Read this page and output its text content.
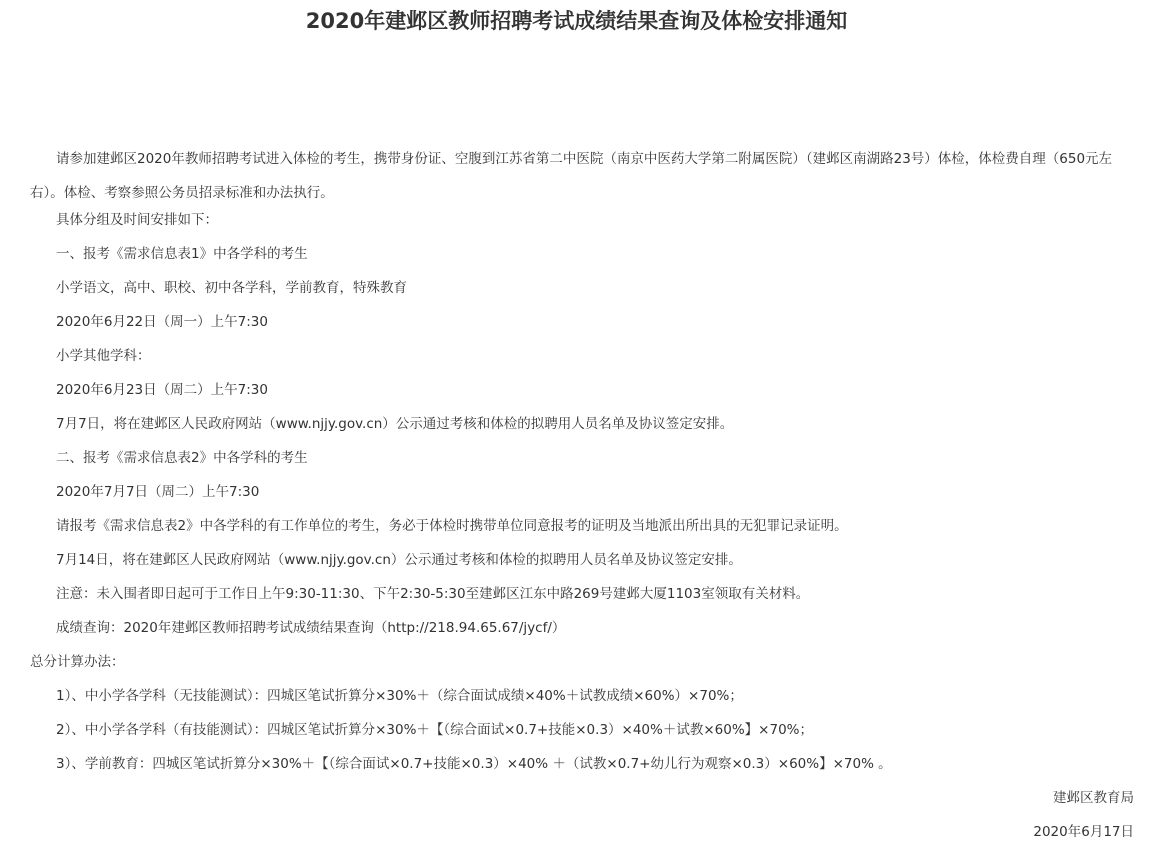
2020年建邺区教师招聘考试成绩结果查询及体检安排通知
请参加建邺区2020年教师招聘考试进入体检的考生，携带身份证、空腹到江苏省第二中医院（南京中医药大学第二附属医院）（建邺区南湖路23号）体检，体检费自理（650元左右）。体检、考察参照公务员招录标准和办法执行。
具体分组及时间安排如下：
一、报考《需求信息表1》中各学科的考生
小学语文，高中、职校、初中各学科，学前教育，特殊教育
2020年6月22日（周一）上午7:30
小学其他学科：
2020年6月23日（周二）上午7:30
7月7日，将在建邺区人民政府网站（www.njjy.gov.cn）公示通过考核和体检的拟聘用人员名单及协议签定安排。
二、报考《需求信息表2》中各学科的考生
2020年7月7日（周二）上午7:30
请报考《需求信息表2》中各学科的有工作单位的考生，务必于体检时携带单位同意报考的证明及当地派出所出具的无犯罪记录证明。
7月14日，将在建邺区人民政府网站（www.njjy.gov.cn）公示通过考核和体检的拟聘用人员名单及协议签定安排。
注意：未入围者即日起可于工作日上午9:30-11:30、下午2:30-5:30至建邺区江东中路269号建邺大厦1103室领取有关材料。
成绩查询：2020年建邺区教师招聘考试成绩结果查询（http://218.94.65.67/jycf/）
总分计算办法：
1）、中小学各学科（无技能测试）：四城区笔试折算分×30%＋（综合面试成绩×40%＋试教成绩×60%）×70%；
2）、中小学各学科（有技能测试）：四城区笔试折算分×30%＋【（综合面试×0.7+技能×0.3）×40%＋试教×60%】×70%；
3）、学前教育：四城区笔试折算分×30%＋【（综合面试×0.7+技能×0.3）×40% ＋（试教×0.7+幼儿行为观察×0.3）×60%】×70% 。
建邺区教育局
2020年6月17日
